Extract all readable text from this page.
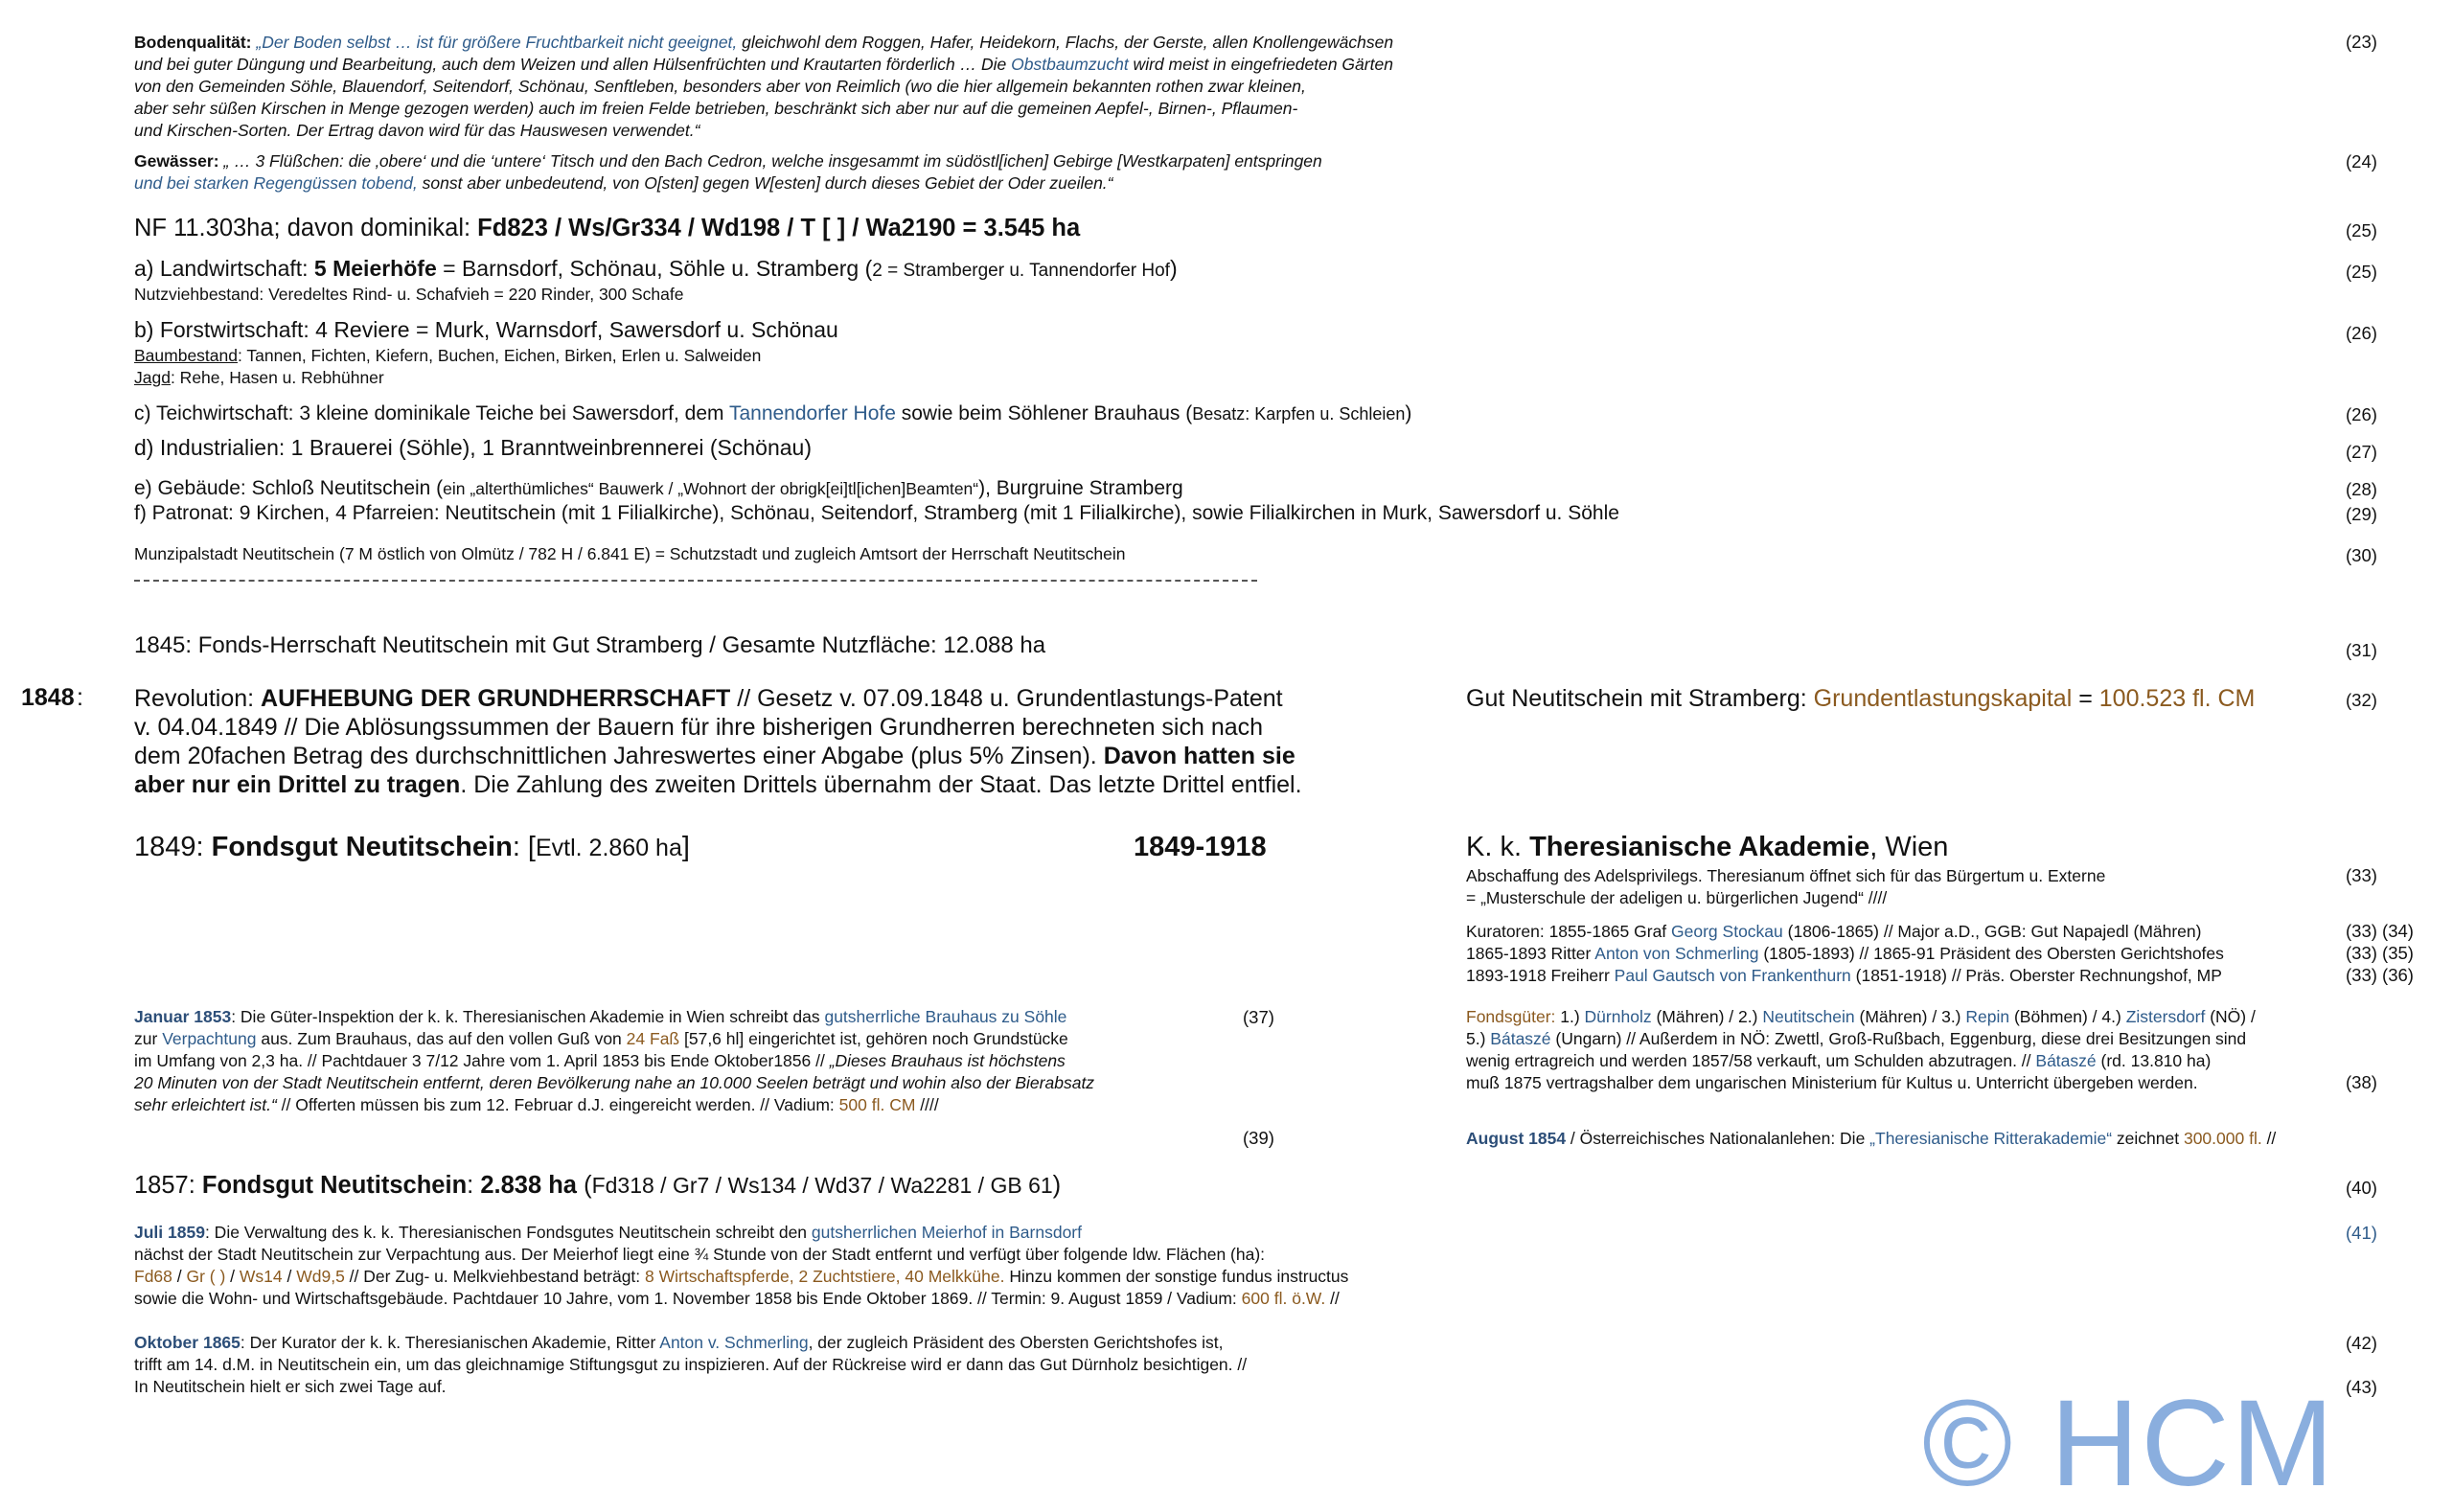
Bodenqualität: „Der Boden selbst … ist für größere Fruchtbarkeit nicht geeignet, gleichwohl dem Roggen, Hafer, Heidekorn, Flachs, der Gerste, allen Knollengewächsen
und bei guter Düngung und Bearbeitung, auch dem Weizen und allen Hülsenfrüchten und Krautarten förderlich … Die Obstbaumzucht wird meist in eingefriedeten Gärten
von den Gemeinden Söhle, Blauendorf, Seitendorf, Schönau, Senftleben, besonders aber von Reimlich (wo die hier allgemein bekannten rothen zwar kleinen,
aber sehr süßen Kirschen in Menge gezogen werden) auch im freien Felde betrieben, beschränkt sich aber nur auf die gemeinen Aepfel-, Birnen-, Pflaumen-
und Kirschen-Sorten. Der Ertrag davon wird für das Hauswesen verwendet.“
(23)
Gewässer: „ … 3 Flüßchen: die ‚obere‘ und die ‘untere‘ Titsch und den Bach Cedron, welche insgesammt im südöstl[ichen] Gebirge [Westkarpaten] entspringen
und bei starken Regengüssen tobend, sonst aber unbedeutend, von O[sten] gegen W[esten] durch dieses Gebiet der Oder zueilen.“
(24)
NF 11.303ha; davon dominikal: Fd823 / Ws/Gr334 / Wd198 / T [ ] / Wa2190 = 3.545 ha	(25)
a) Landwirtschaft: 5 Meierhöfe = Barnsdorf, Schönau, Söhle u. Stramberg (2 = Stramberger u. Tannendorfer Hof)
Nutzviehbestand: Veredeltes Rind- u. Schafvieh = 220 Rinder, 300 Schafe
(25)
b) Forstwirtschaft: 4 Reviere = Murk, Warnsdorf, Sawersdorf u. Schönau
Baumbestand: Tannen, Fichten, Kiefern, Buchen, Eichen, Birken, Erlen u. Salweiden
Jagd: Rehe, Hasen u. Rebhühner
(26)
c) Teichwirtschaft: 3 kleine dominikale Teiche bei Sawersdorf, dem Tannendorfer Hofe sowie beim Söhlener Brauhaus (Besatz: Karpfen u. Schleien)	(26)
d) Industrialien: 1 Brauerei (Söhle), 1 Branntweinbrennerei (Schönau)	(27)
e) Gebäude: Schloß Neutitschein (ein „alterthümliches“ Bauwerk / „Wohnort der obrigk[ei]tl[ichen]Beamten“), Burgruine Stramberg	(28)
f) Patronat: 9 Kirchen, 4 Pfarreien: Neutitschein (mit 1 Filialkirche), Schönau, Seitendorf, Stramberg (mit 1 Filialkirche), sowie Filialkirchen in Murk, Sawersdorf u. Söhle	(29)
Munzipalstadt Neutitschein (7 M östlich von Olmütz / 782 H / 6.841 E) = Schutzstadt und zugleich Amtsort der Herrschaft Neutitschein	(30)
1845: Fonds-Herrschaft Neutitschein mit Gut Stramberg / Gesamte Nutzfläche: 12.088 ha	(31)
1848 : Revolution: AUFHEBUNG DER GRUNDHERRSCHAFT // Gesetz v. 07.09.1848 u. Grundentlastungs-Patent
v. 04.04.1849 // Die Ablösungssummen der Bauern für ihre bisherigen Grundherren berechneten sich nach
dem 20fachen Betrag des durchschnittlichen Jahreswertes einer Abgabe (plus 5% Zinsen). Davon hatten sie
aber nur ein Drittel zu tragen. Die Zahlung des zweiten Drittels übernahm der Staat. Das letzte Drittel entfiel.
Gut Neutitschein mit Stramberg: Grundentlastungskapital = 100.523 fl. CM	(32)
1849: Fondsgut Neutitschein: [Evtl. 2.860 ha]	1849-1918	K. k. Theresianische Akademie, Wien
Abschaffung des Adelsprivilegs. Theresianum öffnet sich für das Bürgertum u. Externe
= „Musterschule der adeligen u. bürgerlichen Jugend“ ////
(33)
Kuratoren: 1855-1865 Graf Georg Stockau (1806-1865) // Major a.D., GGB: Gut Napajedl (Mähren)	(33) (34)
1865-1893 Ritter Anton von Schmerling (1805-1893) // 1865-91 Präsident des Obersten Gerichtshofes	(33) (35)
1893-1918 Freiherr Paul Gautsch von Frankenthurn (1851-1918) // Präs. Oberster Rechnungshof, MP	(33) (36)
Januar 1853: Die Güter-Inspektion der k. k. Theresianischen Akademie in Wien schreibt das gutsherrliche Brauhaus zu Söhle
zur Verpachtung aus. Zum Brauhaus, das auf den vollen Guß von 24 Faß [57,6 hl] eingerichtet ist, gehören noch Grundstücke
im Umfang von 2,3 ha. // Pachtdauer 3 7/12 Jahre vom 1. April 1853 bis Ende Oktober1856 // „Dieses Brauhaus ist höchstens
20 Minuten von der Stadt Neutitschein entfernt, deren Bevölkerung nahe an 10.000 Seelen beträgt und wohin also der Bierabsatz
sehr erleichtert ist.“ // Offerten müssen bis zum 12. Februar d.J. eingereicht werden. // Vadium: 500 fl. CM ////
(37)
(39)
Fondsgüter: 1.) Dürnholz (Mähren) / 2.) Neutitschein (Mähren) / 3.) Repin (Böhmen) / 4.) Zistersdorf (NÖ) /
5.) Bátaszé (Ungarn) // Außerdem in NÖ: Zwettl, Groß-Rußbach, Eggenburg, diese drei Besitzungen sind
wenig ertragreich und werden 1857/58 verkauft, um Schulden abzutragen. // Bátaszé (rd. 13.810 ha)
muß 1875 vertragshalber dem ungarischen Ministerium für Kultus u. Unterricht übergeben werden.	(38)
August 1854 / Österreichisches Nationalanlehen: Die „Theresianische Ritterakademie“ zeichnet 300.000 fl. //
1857: Fondsgut Neutitschein: 2.838 ha (Fd318 / Gr7 / Ws134 / Wd37 / Wa2281 / GB 61)	(40)
Juli 1859: Die Verwaltung des k. k. Theresianischen Fondsgutes Neutitschein schreibt den gutsherrlichen Meierhof in Barnsdorf
nächst der Stadt Neutitschein zur Verpachtung aus. Der Meierhof liegt eine ¾ Stunde von der Stadt entfernt und verfügt über folgende ldw. Flächen (ha):
Fd68 / Gr ( ) / Ws14 / Wd9,5 // Der Zug- u. Melkviehbestand beträgt: 8 Wirtschaftspferde, 2 Zuchtstiere, 40 Melkkühe. Hinzu kommen der sonstige fundus instructus
sowie die Wohn- und Wirtschaftsgebäude. Pachtdauer 10 Jahre, vom 1. November 1858 bis Ende Oktober 1869. // Termin: 9. August 1859 / Vadium: 600 fl. ö.W. //
(41)
Oktober 1865: Der Kurator der k. k. Theresianischen Akademie, Ritter Anton v. Schmerling, der zugleich Präsident des Obersten Gerichtshofes ist,
trifft am 14. d.M. in Neutitschein ein, um das gleichnamige Stiftungsgut zu inspizieren. Auf der Rückreise wird er dann das Gut Dürnholz besichtigen. //
In Neutitschein hielt er sich zwei Tage auf.
(42)
(43)
© HCM
